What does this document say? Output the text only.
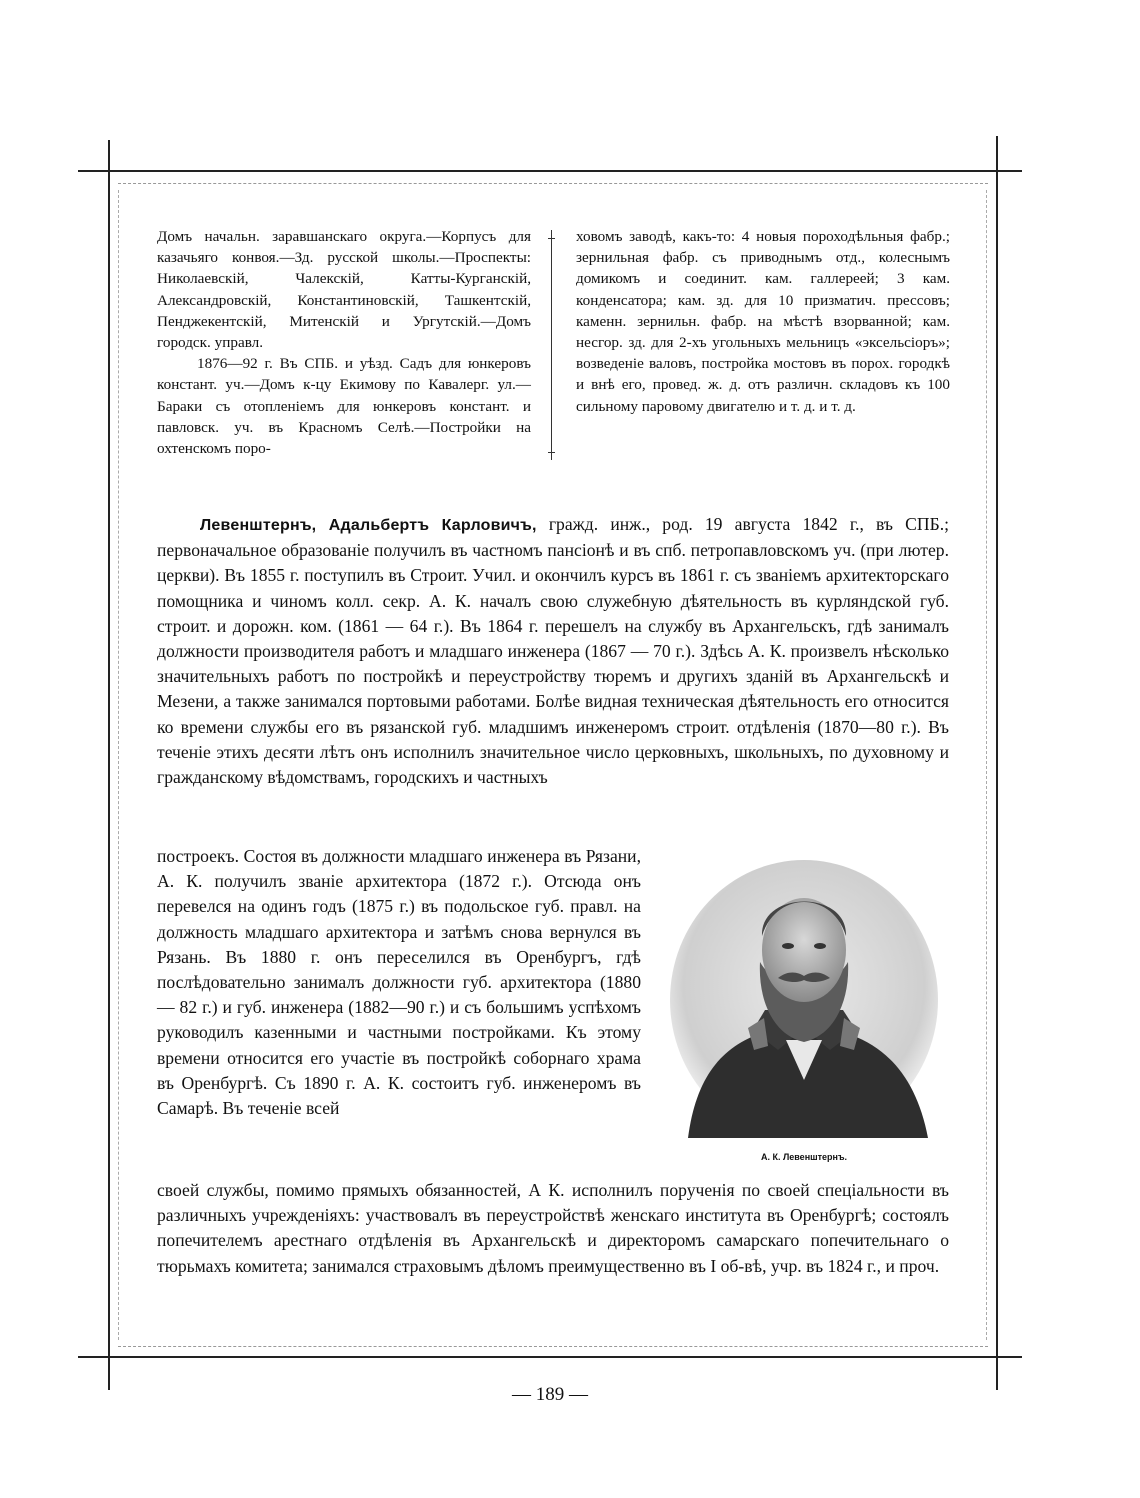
Домъ начальн. заравшанскаго округа.—Корпусъ для казачьяго конвоя.—Зд. русской школы.—Проспекты: Николаевскій, Чалекскій, Катты-Курганскій, Александровскій, Константиновскій, Ташкентскій, Пенджекентскій, Митенскій и Ургутскій.—Домъ городск. управл.

1876—92 г. Въ СПБ. и уѣзд. Садъ для юнкеровъ констант. уч.—Домъ к-цу Екимову по Кавалерг. ул.—Бараки съ отопленіемъ для юнкеровъ констант. и павловск. уч. въ Красномъ Селѣ.—Постройки на охтенскомъ поро-

ховомъ заводѣ, какъ-то: 4 новыя пороходѣльныя фабр.; зернильная фабр. съ приводнымъ отд., колеснымъ домикомъ и соединит. кам. галлереей; 3 кам. конденсатора; кам. зд. для 10 призматич. прессовъ; каменн. зернильн. фабр. на мѣстѣ взорванной; кам. несгор. зд. для 2-хъ угольныхъ мельницъ «эксельсіоръ»; возведеніе валовъ, постройка мостовъ въ порох. городкѣ и внѣ его, провед. ж. д. отъ различн. складовъ къ 100 сильному паровому двигателю и т. д. и т. д.

Левенштернъ, Адальбертъ Карловичъ, гражд. инж., род. 19 августа 1842 г., въ СПБ.; первоначальное образованіе получилъ въ частномъ пансіонѣ и въ спб. петропавловскомъ уч. (при лютер. церкви). Въ 1855 г. поступилъ въ Строит. Учил. и окончилъ курсъ въ 1861 г. съ званіемъ архитекторскаго помощника и чиномъ колл. секр. А. К. началъ свою служебную дѣятельность въ курляндской губ. строит. и дорожн. ком. (1861 — 64 г.). Въ 1864 г. перешелъ на службу въ Архангельскъ, гдѣ занималъ должности производителя работъ и младшаго инженера (1867 — 70 г.). Здѣсь А. К. произвелъ нѣсколько значительныхъ работъ по постройкѣ и переустройству тюремъ и другихъ зданій въ Архангельскѣ и Мезени, а также занимался портовыми работами. Болѣе видная техническая дѣятельность его относится ко времени службы его въ рязанской губ. младшимъ инженеромъ строит. отдѣленія (1870—80 г.). Въ теченіе этихъ десяти лѣтъ онъ исполнилъ значительное число церковныхъ, школьныхъ, по духовному и гражданскому вѣдомствамъ, городскихъ и частныхъ

построекъ. Состоя въ должности младшаго инженера въ Рязани, А. К. получилъ званіе архитектора (1872 г.). Отсюда онъ перевелся на одинъ годъ (1875 г.) въ подольское губ. правл. на должность младшаго архитектора и затѣмъ снова вернулся въ Рязань. Въ 1880 г. онъ переселился въ Оренбургъ, гдѣ послѣдовательно занималъ должности губ. архитектора (1880 — 82 г.) и губ. инженера (1882—90 г.) и съ большимъ успѣхомъ руководилъ казенными и частными постройками. Къ этому времени относится его участіе въ постройкѣ соборнаго храма въ Оренбургѣ. Съ 1890 г. А. К. состоитъ губ. инженеромъ въ Самарѣ. Въ теченіе всей

А. К. Левенштернъ.

своей службы, помимо прямыхъ обязанностей, А К. исполнилъ порученія по своей спеціальности въ различныхъ учрежденіяхъ: участвовалъ въ переустройствѣ женскаго института въ Оренбургѣ; состоялъ попечителемъ арестнаго отдѣленія въ Архангельскѣ и директоромъ самарскаго попечительнаго о тюрьмахъ комитета; занимался страховымъ дѣломъ преимущественно въ I об-вѣ, учр. въ 1824 г., и проч.

— 189 —
